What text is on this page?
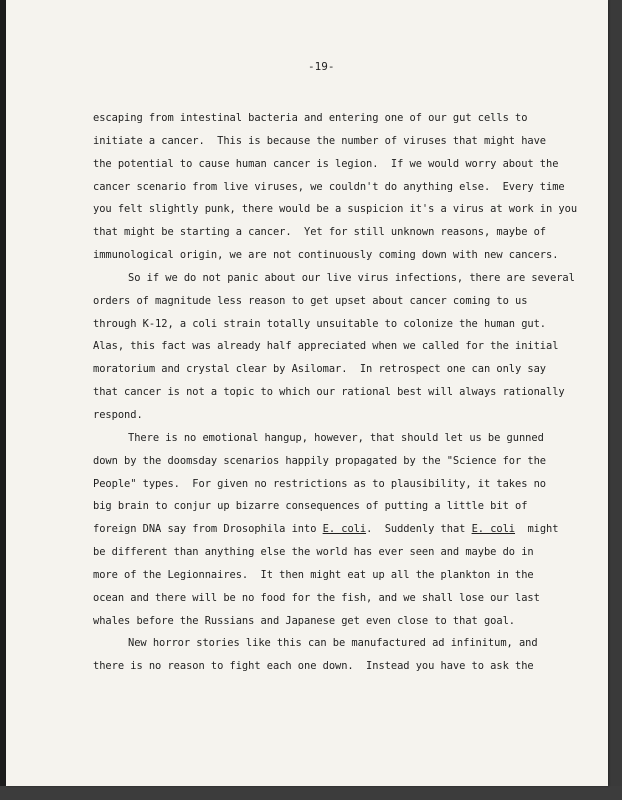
-19-
escaping from intestinal bacteria and entering one of our gut cells to
initiate a cancer.  This is because the number of viruses that might have
the potential to cause human cancer is legion.  If we would worry about the
cancer scenario from live viruses, we couldn't do anything else.  Every time
you felt slightly punk, there would be a suspicion it's a virus at work in you
that might be starting a cancer.  Yet for still unknown reasons, maybe of
immunological origin, we are not continuously coming down with new cancers.
So if we do not panic about our live virus infections, there are several
orders of magnitude less reason to get upset about cancer coming to us
through K-12, a coli strain totally unsuitable to colonize the human gut.
Alas, this fact was already half appreciated when we called for the initial
moratorium and crystal clear by Asilomar.  In retrospect one can only say
that cancer is not a topic to which our rational best will always rationally
respond.
There is no emotional hangup, however, that should let us be gunned
down by the doomsday scenarios happily propagated by the "Science for the
People" types.  For given no restrictions as to plausibility, it takes no
big brain to conjur up bizarre consequences of putting a little bit of
foreign DNA say from Drosophila into E. coli.  Suddenly that E. coli  might
be different than anything else the world has ever seen and maybe do in
more of the Legionnaires.  It then might eat up all the plankton in the
ocean and there will be no food for the fish, and we shall lose our last
whales before the Russians and Japanese get even close to that goal.
New horror stories like this can be manufactured ad infinitum, and
there is no reason to fight each one down.  Instead you have to ask the
